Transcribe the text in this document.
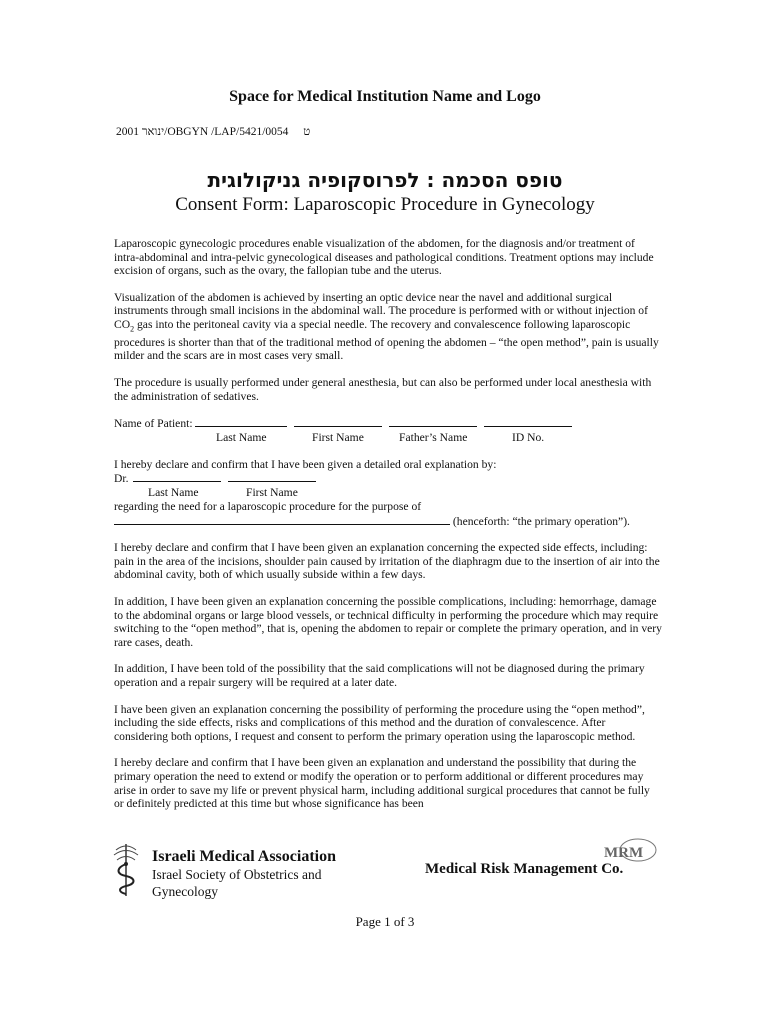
Space for Medical Institution Name and Logo
2001 ינואר/OBGYN /LAP/5421/0054 ט
טופס הסכמה : לפרוסקופיה גניקולוגית
Consent Form: Laparoscopic Procedure in Gynecology

Laparoscopic gynecologic procedures enable visualization of the abdomen, for the diagnosis and/or treatment of intra-abdominal and intra-pelvic gynecological diseases and pathological conditions. Treatment options may include excision of organs, such as the ovary, the fallopian tube and the uterus.

Visualization of the abdomen is achieved by inserting an optic device near the navel and additional surgical instruments through small incisions in the abdominal wall. The procedure is performed with or without injection of $CO_2$ gas into the peritoneal cavity via a special needle. The recovery and convalescence following laparoscopic procedures is shorter than that of the traditional method of opening the abdomen – “the open method”, pain is usually milder and the scars are in most cases very small.

The procedure is usually performed under general anesthesia, but can also be performed under local anesthesia with the administration of sedatives.

Name of Patient:
Last Name	First Name	Father’s Name	ID No.
I hereby declare and confirm that I have been given a detailed oral explanation by:
Dr.
Last Name	First Name
regarding the need for a laparoscopic procedure for the purpose of

(henceforth: “the primary operation”).

I hereby declare and confirm that I have been given an explanation concerning the expected side effects, including: pain in the area of the incisions, shoulder pain caused by irritation of the diaphragm due to the insertion of air into the abdominal cavity, both of which usually subside within a few days.

In addition, I have been given an explanation concerning the possible complications, including: hemorrhage, damage to the abdominal organs or large blood vessels, or technical difficulty in performing the procedure which may require switching to the “open method”, that is, opening the abdomen to repair or complete the primary operation, and in very rare cases, death.

In addition, I have been told of the possibility that the said complications will not be diagnosed during the primary operation and a repair surgery will be required at a later date.

I have been given an explanation concerning the possibility of performing the procedure using the “open method”, including the side effects, risks and complications of this method and the duration of convalescence. After considering both options, I request and consent to perform the primary operation using the laparoscopic method.

I hereby declare and confirm that I have been given an explanation and understand the possibility that during the primary operation the need to extend or modify the operation or to perform additional or different procedures may arise in order to save my life or prevent physical harm, including additional surgical procedures that cannot be fully or definitely predicted at this time but whose significance has been

Israeli Medical Association
Israel Society of Obstetrics and Gynecology
MRM
Medical Risk Management Co.
Page 1 of 3
